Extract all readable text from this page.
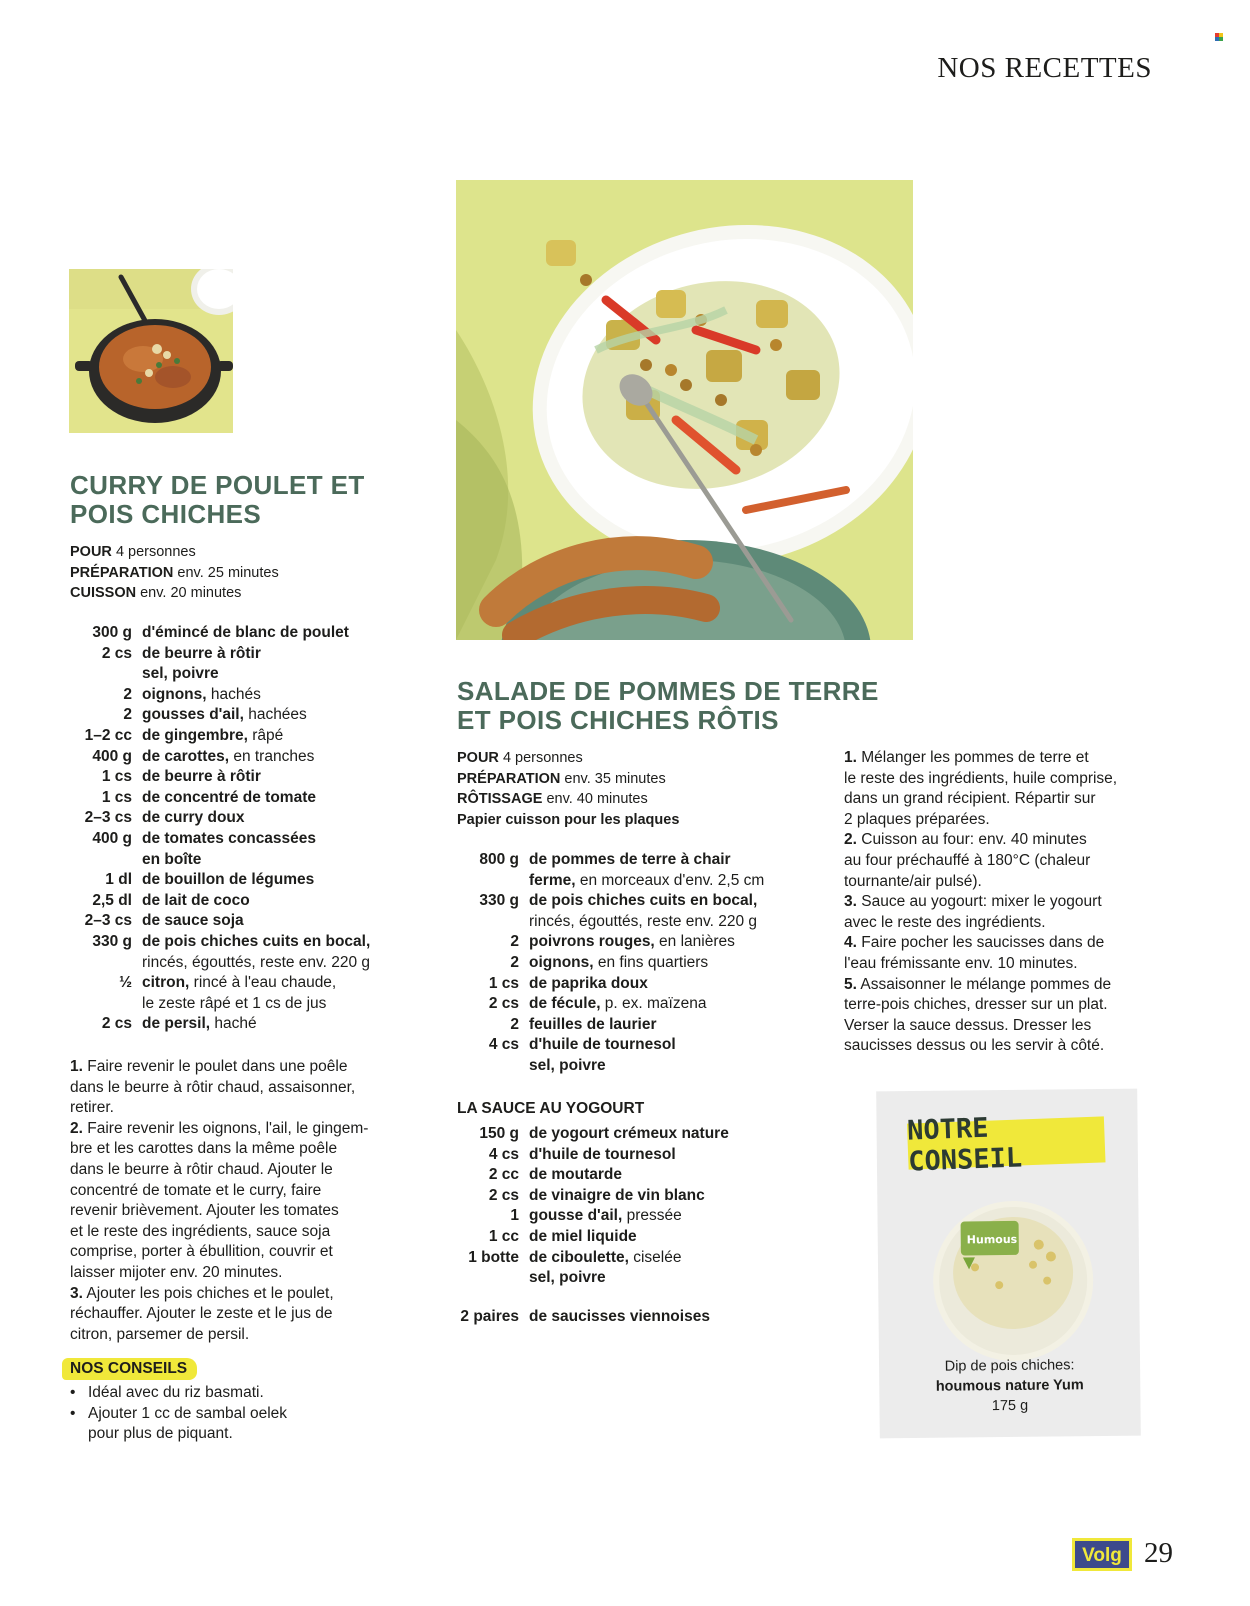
NOS RECETTES
CURRY DE POULET ET
POIS CHICHES
POUR 4 personnes
PRÉPARATION env. 25 minutes
CUISSON env. 20 minutes
300 g d'émincé de blanc de poulet
2 cs de beurre à rôtir
sel, poivre
2 oignons, hachés
2 gousses d'ail, hachées
1–2 cc de gingembre, râpé
400 g de carottes, en tranches
1 cs de beurre à rôtir
1 cs de concentré de tomate
2–3 cs de curry doux
400 g de tomates concassées
en boîte
1 dl de bouillon de légumes
2,5 dl de lait de coco
2–3 cs de sauce soja
330 g de pois chiches cuits en bocal,
rincés, égouttés, reste env. 220 g
½ citron, rincé à l'eau chaude,
le zeste râpé et 1 cs de jus
2 cs de persil, haché

1. Faire revenir le poulet dans une poêle

dans le beurre à rôtir chaud, assaisonner,

retirer.

2. Faire revenir les oignons, l'ail, le gingem-

bre et les carottes dans la même poêle

dans le beurre à rôtir chaud. Ajouter le

concentré de tomate et le curry, faire

revenir brièvement. Ajouter les tomates

et le reste des ingrédients, sauce soja

comprise, porter à ébullition, couvrir et

laisser mijoter env. 20 minutes.

3. Ajouter les pois chiches et le poulet,

réchauffer. Ajouter le zeste et le jus de

citron, parsemer de persil.

NOS CONSEILS
• Idéal avec du riz basmati.
• Ajouter 1 cc de sambal oelek
pour plus de piquant.
SALADE DE POMMES DE TERRE
ET POIS CHICHES RÔTIS
POUR 4 personnes
PRÉPARATION env. 35 minutes
RÔTISSAGE env. 40 minutes
Papier cuisson pour les plaques
800 g de pommes de terre à chair
ferme, en morceaux d'env. 2,5 cm
330 g de pois chiches cuits en bocal,
rincés, égouttés, reste env. 220 g
2 poivrons rouges, en lanières
2 oignons, en fins quartiers
1 cs de paprika doux
2 cs de fécule, p. ex. maïzena
2 feuilles de laurier
4 cs d'huile de tournesol
sel, poivre
LA SAUCE AU YOGOURT
150 g de yogourt crémeux nature
4 cs d'huile de tournesol
2 cc de moutarde
2 cs de vinaigre de vin blanc
1 gousse d'ail, pressée
1 cc de miel liquide
1 botte de ciboulette, ciselée
sel, poivre
2 paires de saucisses viennoises

1. Mélanger les pommes de terre et

le reste des ingrédients, huile comprise,

dans un grand récipient. Répartir sur

2 plaques préparées.

2. Cuisson au four: env. 40 minutes

au four préchauffé à 180°C (chaleur

tournante/air pulsé).

3. Sauce au yogourt: mixer le yogourt

avec le reste des ingrédients.

4. Faire pocher les saucisses dans de

l'eau frémissante env. 10 minutes.

5. Assaisonner le mélange pommes de

terre-pois chiches, dresser sur un plat.

Verser la sauce dessus. Dresser les

saucisses dessus ou les servir à côté.

NOTRE CONSEIL
Humous
Dip de pois chiches:
houmous nature Yum
175 g
Volg 29
